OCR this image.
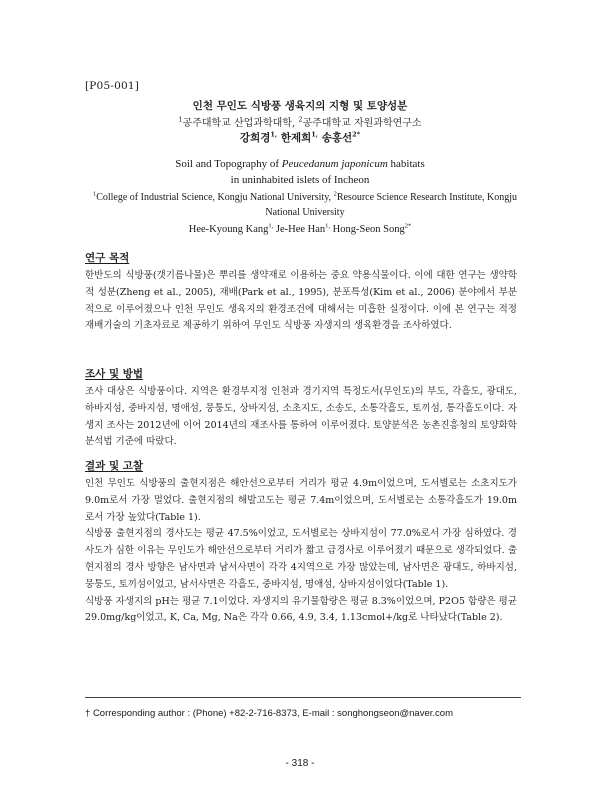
[P05-001]
인천 무인도 식방풍 생육지의 지형 및 토양성분
$^1$공주대학교 산업과학대학, $^2$공주대학교 자원과학연구소
강희경$^{1,}$ 한제희$^{1,}$ 송홍선$^{2*}$
Soil and Topography of Peucedanum japonicum habitats
in uninhabited islets of Incheon
$^1$College of Industrial Science, Kongju National University, $^2$Resource Science Research Institute, Kongju National University
Hee-Kyoung Kang$^{1,}$ Je-Hee Han$^{1,}$ Hong-Seon Song$^{2*}$
연구 목적
한반도의 식방풍(갯기름나물)은 뿌리를 생약재로 이용하는 중요 약용식물이다. 이에 대한 연구는 생약학적 성분(Zheng et al., 2005), 재배(Park et al., 1995), 분포특성(Kim et al., 2006) 분야에서 부분적으로 이루어졌으나 인천 무인도 생육지의 환경조건에 대해서는 미흡한 실정이다. 이에 본 연구는 적정재배기술의 기초자료로 제공하기 위하여 무인도 식방풍 자생지의 생육환경을 조사하였다.
조사 및 방법
조사 대상은 식방풍이다. 지역은 환경부지정 인천과 경기지역 특정도서(무인도)의 부도, 각흘도, 광대도, 하바지섬, 중바지섬, 명애섬, 뭉퉁도, 상바지섬, 소초지도, 소송도, 소통각흘도, 토끼섬, 통각흘도이다. 자생지 조사는 2012년에 이어 2014년의 재조사를 통하여 이루어졌다. 토양분석은 농촌진흥청의 토양화학분석법 기준에 따랐다.
결과 및 고찰
인천 무인도 식방풍의 출현지점은 해안선으로부터 거리가 평균 4.9m이었으며, 도서별로는 소초지도가 9.0m로서 가장 멀었다. 출현지점의 해발고도는 평균 7.4m이었으며, 도서별로는 소통각흘도가 19.0m로서 가장 높았다(Table 1).
식방풍 출현지점의 경사도는 평균 47.5%이었고, 도서별로는 상바지섬이 77.0%로서 가장 심하였다. 경사도가 심한 이유는 무인도가 해안선으로부터 거리가 짧고 급경사로 이루어졌기 때문으로 생각되었다. 출현지점의 경사 방향은 남사면과 남서사면이 각각 4지역으로 가장 많았는데, 남사면은 광대도, 하바지섬, 뭉퉁도, 토끼섬이었고, 남서사면은 각흘도, 중바지섬, 명애섬, 상바지섬이었다(Table 1).
식방풍 자생지의 pH는 평균 7.1이었다. 자생지의 유기물함량은 평균 8.3%이었으며, P2O5 함량은 평균 29.0mg/kg이었고, K, Ca, Mg, Na은 각각 0.66, 4.9, 3.4, 1.13cmol+/kg로 나타났다(Table 2).
† Corresponding author : (Phone) +82-2-716-8373, E-mail : songhongseon@naver.com
- 318 -
